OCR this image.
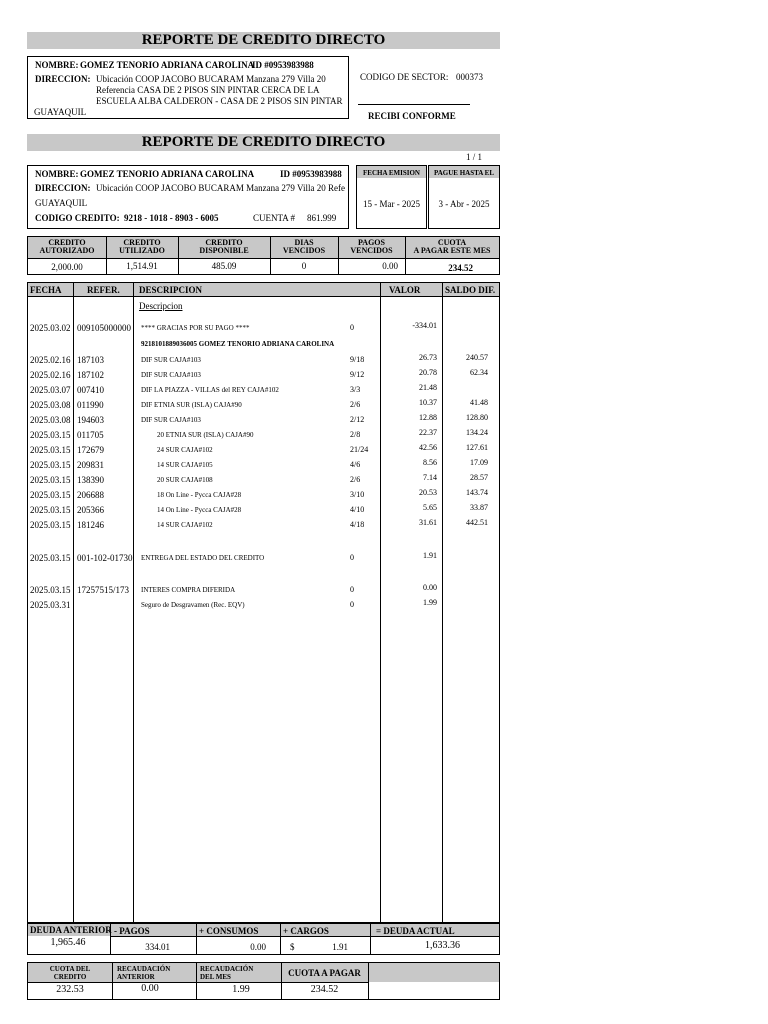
REPORTE DE CREDITO DIRECTO
NOMBRE: GOMEZ TENORIO ADRIANA CAROLINA
ID #0953983988
DIRECCION: Ubicación COOP JACOBO BUCARAM Manzana 279 Villa 20
Referencia CASA DE 2 PISOS SIN PINTAR CERCA DE LA
ESCUELA ALBA CALDERON - CASA DE 2 PISOS SIN PINTAR
GUAYAQUIL
CODIGO DE SECTOR: 000373
RECIBI CONFORME
REPORTE DE CREDITO DIRECTO
1 / 1
NOMBRE: GOMEZ TENORIO ADRIANA CAROLINA	ID #0953983988
DIRECCION: Ubicación COOP JACOBO BUCARAM Manzana 279 Villa 20 Refe
GUAYAQUIL
CODIGO CREDITO: 9218 - 1018 - 8903 - 6005	CUENTA # 861.999
FECHA EMISION
15 - Mar - 2025
PAGUE HASTA EL
3 - Abr - 2025
CREDITO
AUTORIZADO
CREDITO
UTILIZADO
CREDITO
DISPONIBLE
DIAS
VENCIDOS
PAGOS
VENCIDOS
CUOTA
A PAGAR ESTE MES
2,000.00	1,514.91	485.09	0	0.00	234.52
FECHA	REFER. DESCRIPCION	VALOR	SALDO DIF.
Descripcion
2025.03.02 009105000000 **** GRACIAS POR SU PAGO ****	0	-334.01
9218101889036005 GOMEZ TENORIO ADRIANA CAROLINA
2025.02.16 187103	DIF SUR CAJA#103	9/18	26.73	240.57
2025.02.16 187102	DIF SUR CAJA#103	9/12	20.78	62.34
2025.03.07 007410	DIF LA PIAZZA - VILLAS del REY CAJA#102	3/3	21.48
2025.03.08 011990	DIF ETNIA SUR (ISLA) CAJA#90	2/6	10.37	41.48
2025.03.08 194603	DIF SUR CAJA#103	2/12	12.88	128.80
2025.03.15 011705	20 ETNIA SUR (ISLA) CAJA#90	2/8	22.37	134.24
2025.03.15 172679	24 SUR CAJA#102	21/24	42.56	127.61
2025.03.15 209831	14 SUR CAJA#105	4/6	8.56	17.09
2025.03.15 138390	20 SUR CAJA#108	2/6	7.14	28.57
2025.03.15 206688	18 On Line - Pycca CAJA#28	3/10	20.53	143.74
2025.03.15 205366	14 On Line - Pycca CAJA#28	4/10	5.65	33.87
2025.03.15 181246	14 SUR CAJA#102	4/18	31.61	442.51
2025.03.15 001-102-01730 ENTREGA DEL ESTADO DEL CREDITO	0	1.91
2025.03.15 17257515/173 INTERES COMPRA DIFERIDA	0	0.00
2025.03.31	Seguro de Desgravamen (Rec. EQV)	0	1.99
DEUDA ANTERIOR
1,965.46
- PAGOS
334.01
+ CONSUMOS
0.00
+ CARGOS
$	1.91
= DEUDA ACTUAL
1,633.36
CUOTA DEL
CREDITO
232.53
RECAUDACIÓN
ANTERIOR
0.00
RECAUDACIÓN
DEL MES
1.99
CUOTA A PAGAR
234.52
